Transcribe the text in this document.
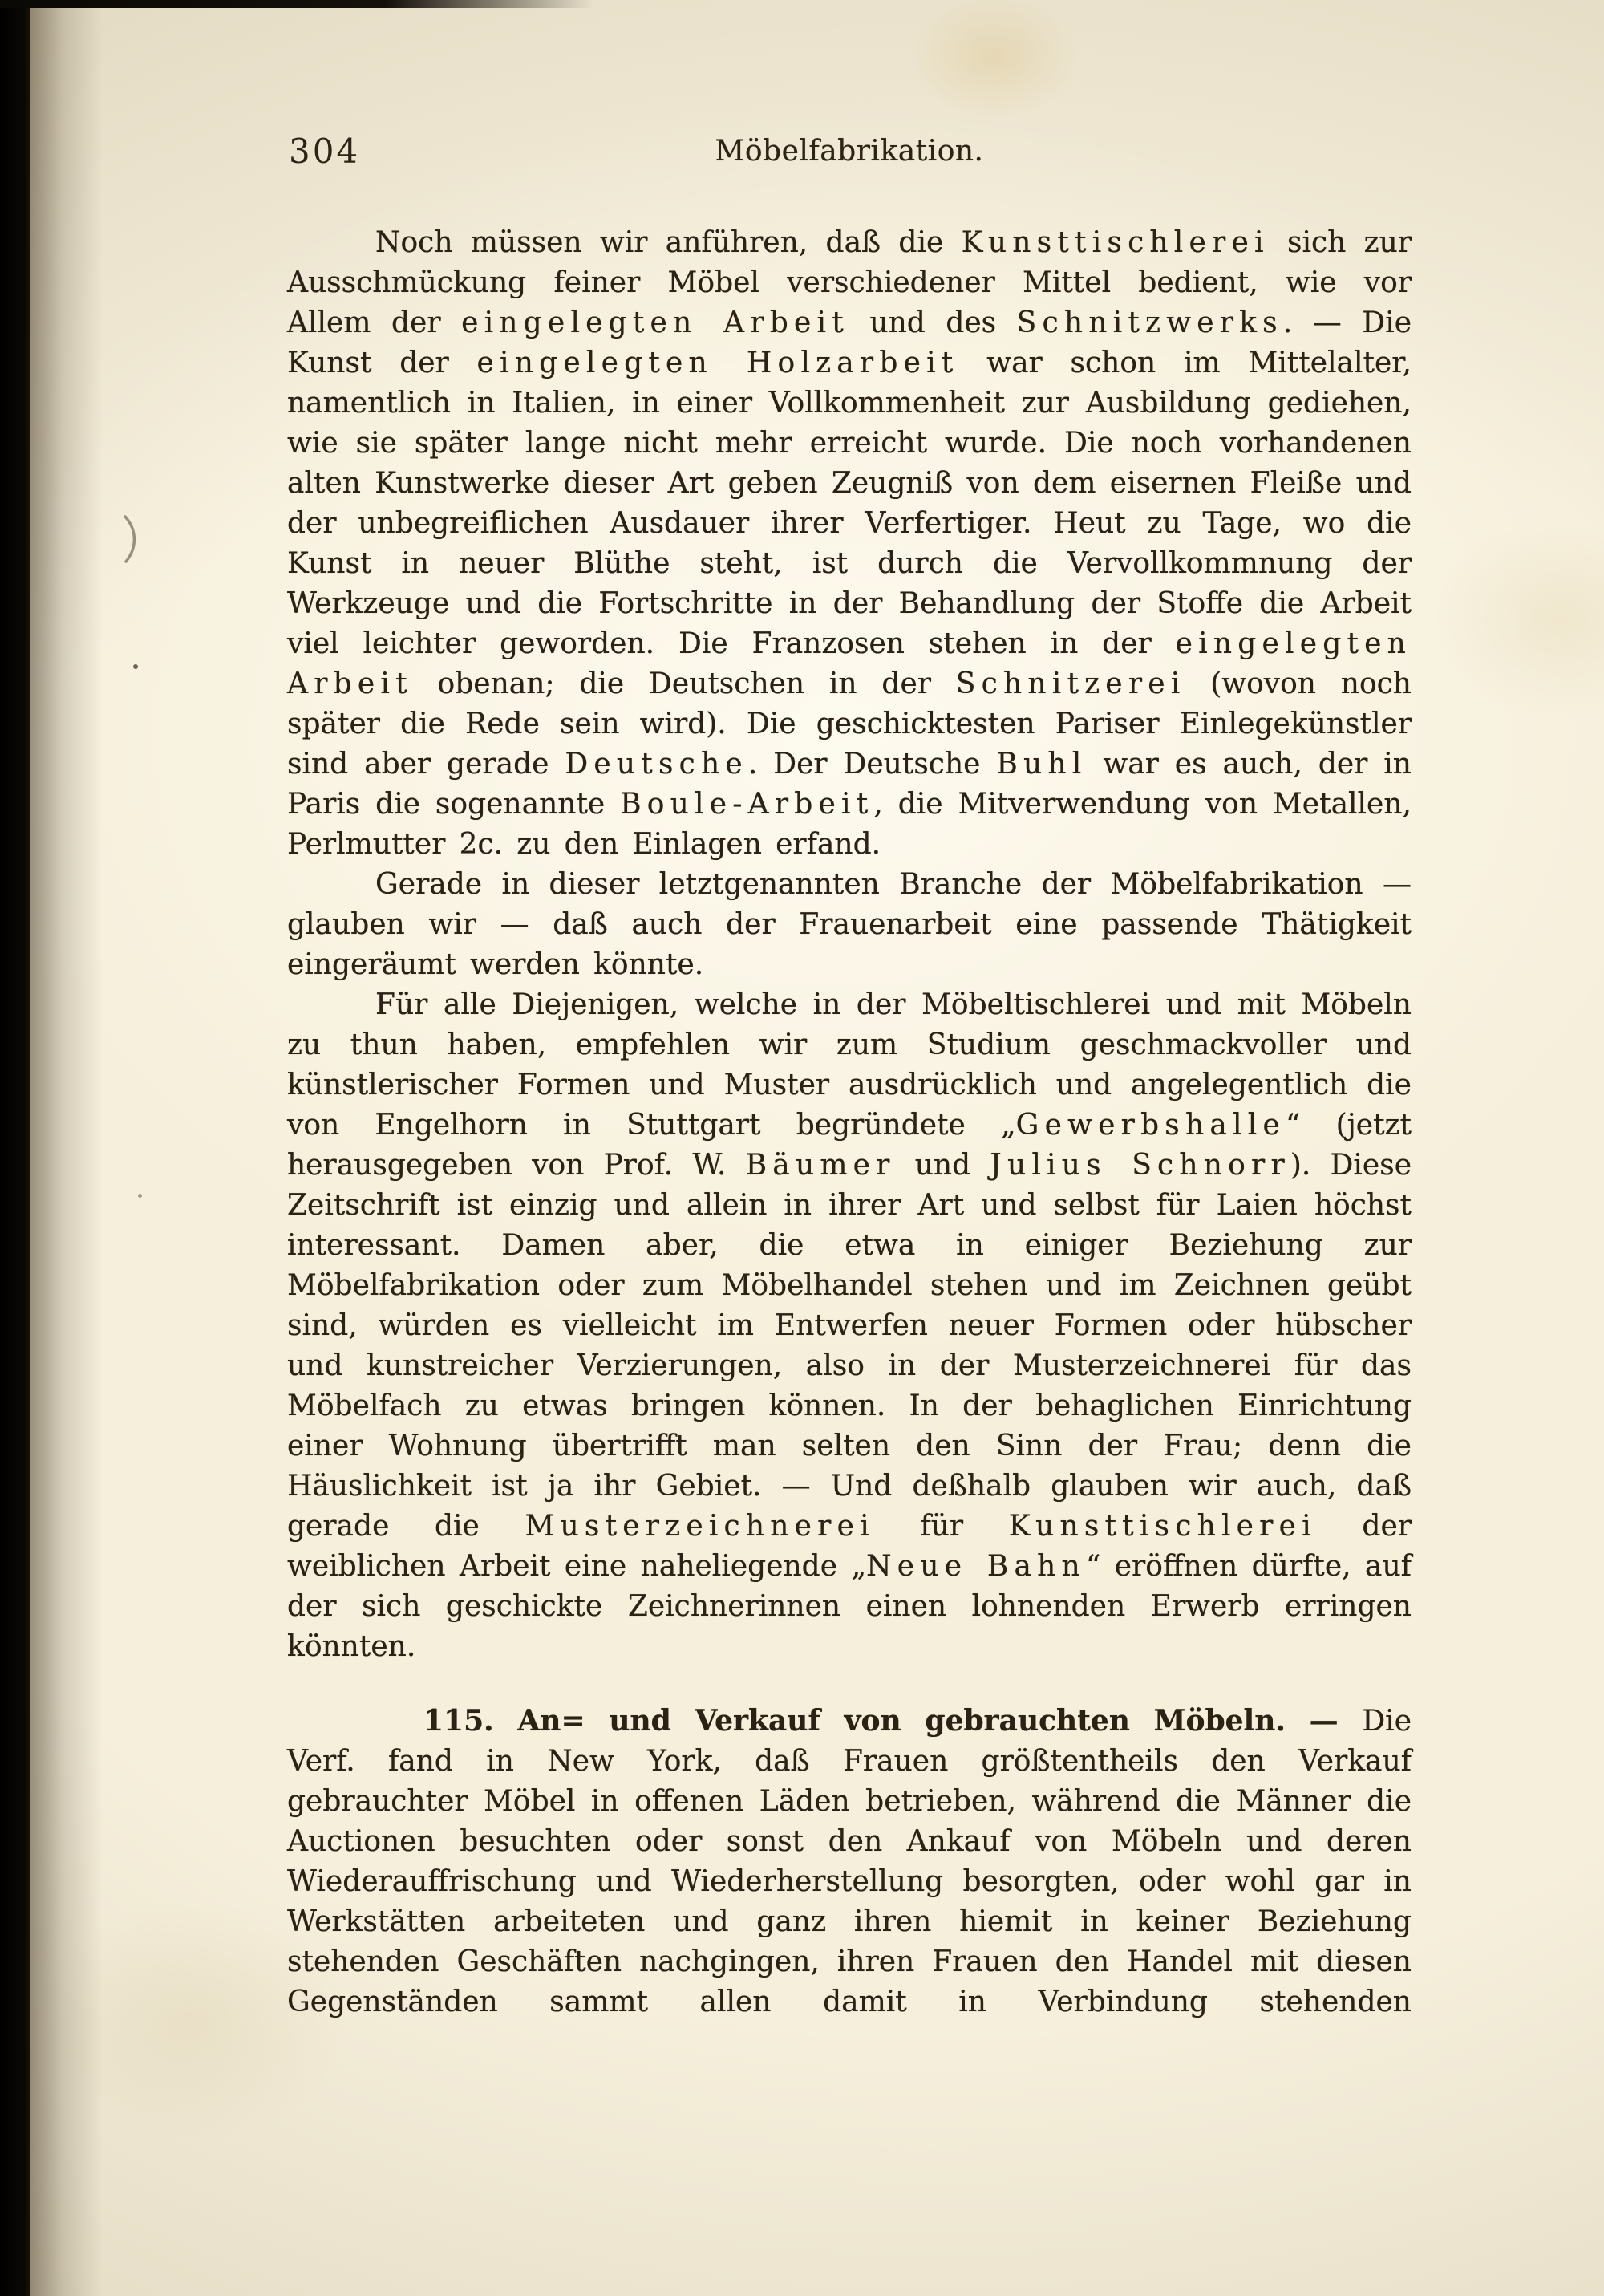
304	Möbelfabrikation.

Noch müssen wir anführen, daß die Kunsttischlerei sich zur Ausschmückung feiner Möbel verschiedener Mittel bedient, wie vor Allem der eingelegten Arbeit und des Schnitzwerks. — Die Kunst der eingelegten Holzarbeit war schon im Mittelalter, namentlich in Italien, in einer Vollkommenheit zur Ausbildung gediehen, wie sie später lange nicht mehr erreicht wurde. Die noch vorhandenen alten Kunstwerke dieser Art geben Zeugniß von dem eisernen Fleiße und der unbegreiflichen Ausdauer ihrer Verfertiger. Heut zu Tage, wo die Kunst in neuer Blüthe steht, ist durch die Vervollkommnung der Werkzeuge und die Fortschritte in der Behandlung der Stoffe die Arbeit viel leichter geworden. Die Franzosen stehen in der eingelegten Arbeit obenan; die Deutschen in der Schnitzerei (wovon noch später die Rede sein wird). Die geschicktesten Pariser Einlegekünstler sind aber gerade Deutsche. Der Deutsche Buhl war es auch, der in Paris die sogenannte Boule-Arbeit, die Mitverwendung von Metallen, Perlmutter 2c. zu den Einlagen erfand.

Gerade in dieser letztgenannten Branche der Möbelfabrikation — glauben wir — daß auch der Frauenarbeit eine passende Thätigkeit eingeräumt werden könnte.

Für alle Diejenigen, welche in der Möbeltischlerei und mit Möbeln zu thun haben, empfehlen wir zum Studium geschmackvoller und künstlerischer Formen und Muster ausdrücklich und angelegentlich die von Engelhorn in Stuttgart begründete „Gewerbshalle“ (jetzt herausgegeben von Prof. W. Bäumer und Julius Schnorr). Diese Zeitschrift ist einzig und allein in ihrer Art und selbst für Laien höchst interessant. Damen aber, die etwa in einiger Beziehung zur Möbelfabrikation oder zum Möbelhandel stehen und im Zeichnen geübt sind, würden es vielleicht im Entwerfen neuer Formen oder hübscher und kunstreicher Verzierungen, also in der Musterzeichnerei für das Möbelfach zu etwas bringen können. In der behaglichen Einrichtung einer Wohnung übertrifft man selten den Sinn der Frau; denn die Häuslichkeit ist ja ihr Gebiet. — Und deßhalb glauben wir auch, daß gerade die Musterzeichnerei für Kunsttischlerei der weiblichen Arbeit eine naheliegende „Neue Bahn“ eröffnen dürfte, auf der sich geschickte Zeichnerinnen einen lohnenden Erwerb erringen könnten.

115. An= und Verkauf von gebrauchten Möbeln. — Die Verf. fand in New York, daß Frauen größtentheils den Verkauf gebrauchter Möbel in offenen Läden betrieben, während die Männer die Auctionen besuchten oder sonst den Ankauf von Möbeln und deren Wiederauffrischung und Wiederherstellung besorgten, oder wohl gar in Werkstätten arbeiteten und ganz ihren hiemit in keiner Beziehung stehenden Geschäften nachgingen, ihren Frauen den Handel mit diesen Gegenständen sammt allen damit in Verbindung stehenden
